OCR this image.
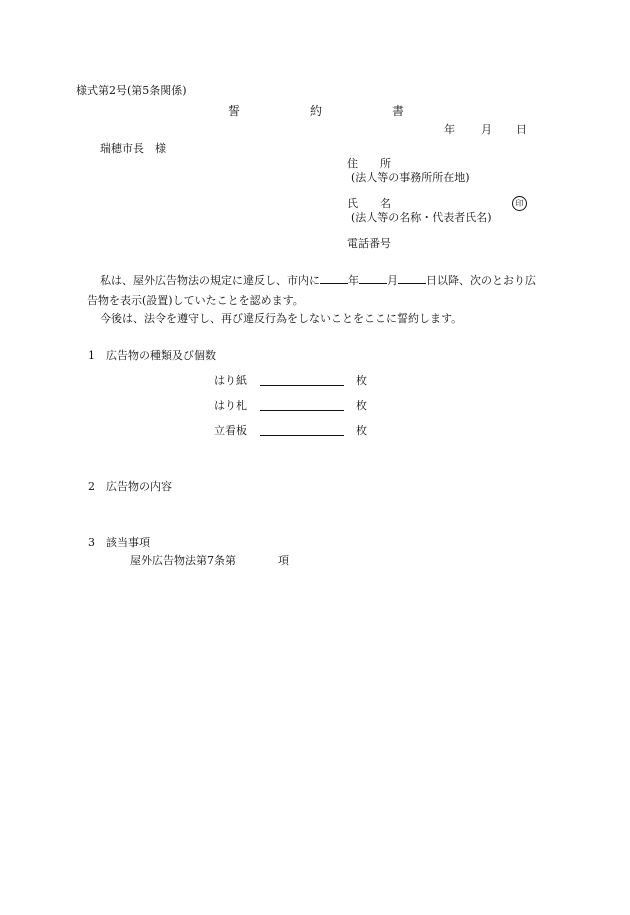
様式第2号(第5条関係)
誓	約	書
年 月 日
瑞穂市長　様
住　　所
(法人等の事務所所在地)
氏　　名	印
(法人等の名称・代表者氏名)
電話番号
私は、屋外広告物法の規定に違反し、市内に	年	月	日以降、次のとおり広
告物を表示(設置)していたことを認めます。
今後は、法令を遵守し、再び違反行為をしないことをここに誓約します。
1　広告物の種類及び個数
はり紙	枚
はり札	枚
立看板	枚
2　広告物の内容
3　該当事項
屋外広告物法第7条第	項
